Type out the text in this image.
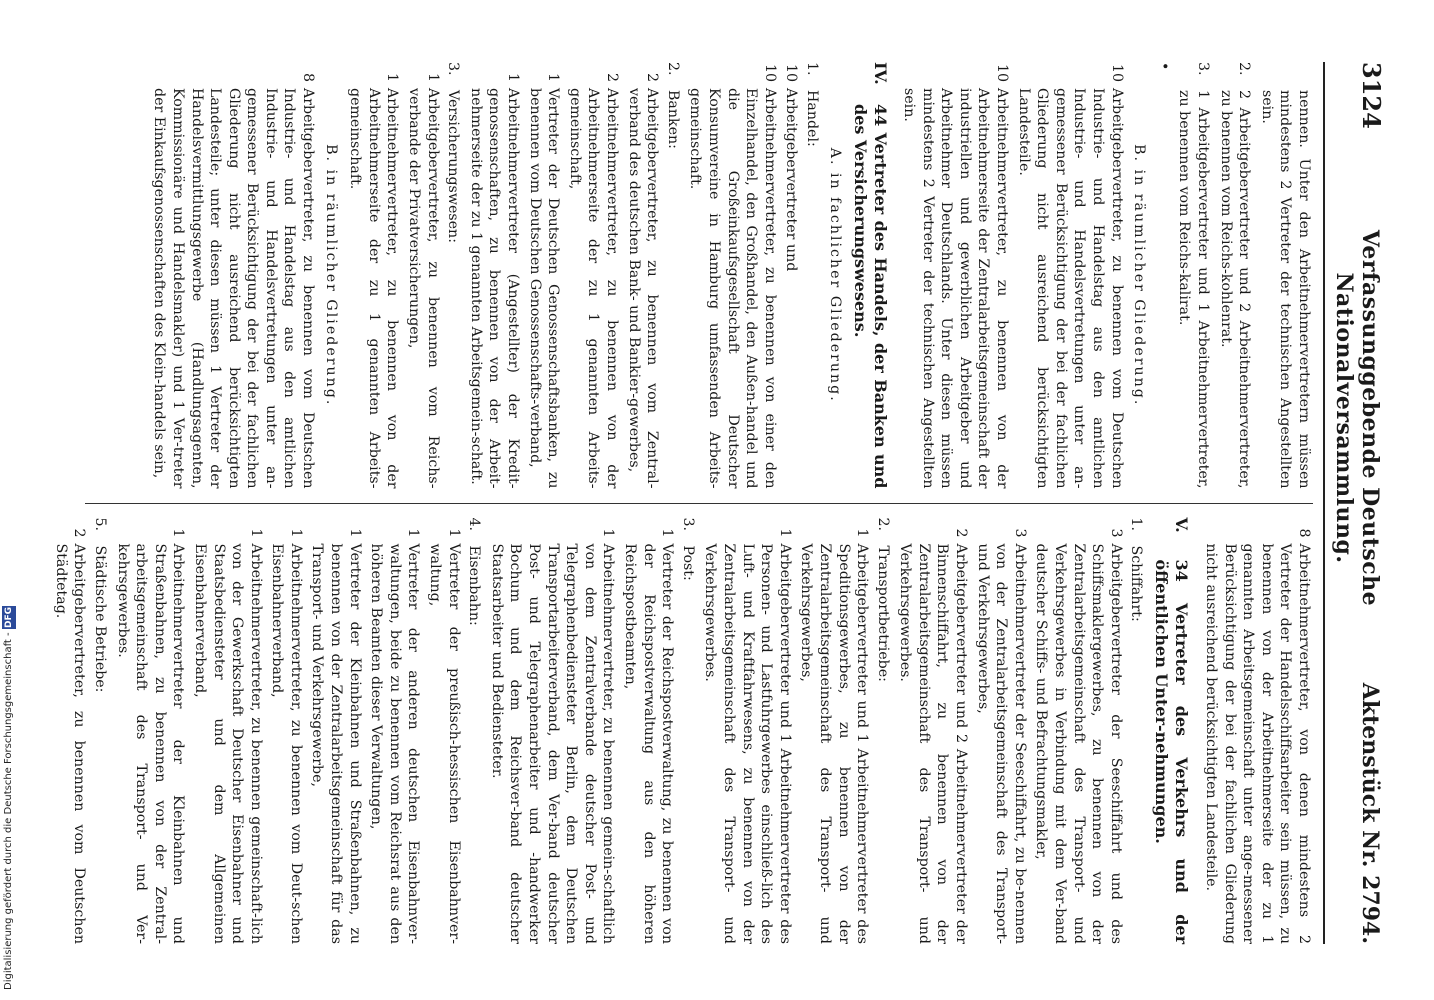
3124
Verfassunggebende Deutsche Nationalversammlung.
Aktenstück Nr. 2794.

nennen. Unter den Arbeitnehmervertretern müssen mindestens 2 Vertreter der technischen Angestellten sein.

2.
2 Arbeitgebervertreter und 2 Arbeitnehmervertreter, zu benennen vom Reichs-kohlenrat.
3.
1 Arbeitgebervertreter und 1 Arbeitnehmervertreter, zu benennen vom Reichs-kalirat.
•
B. in räumlicher Gliederung.
10
Arbeitgebervertreter, zu benennen vom Deutschen Industrie- und Handelstag aus den amtlichen Industrie- und Handelsvertretungen unter an-gemessener Berücksichtigung der bei der fachlichen Gliederung nicht ausreichend berücksichtigten Landesteile.
10
Arbeitnehmervertreter, zu benennen von der Arbeitnehmerseite der Zentralarbeitsgemeinschaft der industriellen und gewerblichen Arbeitgeber und Arbeitnehmer Deutschlands. Unter diesen müssen mindestens 2 Vertreter der technischen Angestellten sein.
IV.
44 Vertreter des Handels, der Banken und des Versicherungswesens.
A. in fachlicher Gliederung.
1.
Handel:
10
Arbeitgebervertreter und
10
Arbeitnehmervertreter, zu benennen von einer den Einzelhandel, den Großhandel, den Außen-handel und die Großeinkaufsgesellschaft Deutscher Konsumvereine in Hamburg umfassenden Arbeits-gemeinschaft.
2.
Banken:
2
Arbeitgebervertreter, zu benennen vom Zentral-verband des deutschen Bank- und Bankier-gewerbes,
2
Arbeitnehmervertreter, zu benennen von der Arbeitnehmerseite der zu 1 genannten Arbeits-gemeinschaft,
1
Vertreter der Deutschen Genossenschaftsbanken, zu benennen vom Deutschen Genossenschafts-verband,
1
Arbeitnehmervertreter (Angestellter) der Kredit-genossenschaften, zu benennen von der Arbeit-nehmerseite der zu 1 genannten Arbeitsgemein-schaft.
3.
Versicherungswesen:
1
Arbeitgebervertreter, zu benennen vom Reichs-verbande der Privatversicherungen,
1
Arbeitnehmervertreter, zu benennen von der Arbeitnehmerseite der zu 1 genannten Arbeits-gemeinschaft.
B. in räumlicher Gliederung.
8
Arbeitgebervertreter, zu benennen vom Deutschen Industrie- und Handelstag aus den amtlichen Industrie- und Handelsvertretungen unter an-gemessener Berücksichtigung der bei der fachlichen Gliederung nicht ausreichend berücksichtigten Landesteile; unter diesen müssen 1 Vertreter der Handelsvermittlungsgewerbe (Handlungsagenten, Kommissionäre und Handelsmakler) und 1 Ver-treter der Einkaufsgenossenschaften des Klein-handels sein,
8
Arbeitnehmervertreter, von denen mindestens 2 Vertreter der Handelsschiffsarbeiter sein müssen, zu benennen von der Arbeitnehmerseite der zu 1 genannten Arbeitsgemeinschaft unter ange-messener Berücksichtigung der bei der fachlichen Gliederung nicht ausreichend berücksichtigten Landesteile.
V.
34 Vertreter des Verkehrs und der öffentlichen Unter-nehmungen.
1.
Schiffahrt:
3
Arbeitgebervertreter der Seeschiffahrt und des Schiffsmaklergewerbes, zu benennen von der Zentralarbeitsgemeinschaft des Transport- und Verkehrsgewerbes in Verbindung mit dem Ver-band deutscher Schiffs- und Befrachtungsmakler,
3
Arbeitnehmervertreter der Seeschiffahrt, zu be-nennen von der Zentralarbeitsgemeinschaft des Transport- und Verkehrsgewerbes,
2
Arbeitgebervertreter und 2 Arbeitnehmervertreter der Binnenschiffahrt, zu benennen von der Zentralarbeitsgemeinschaft des Transport- und Verkehrsgewerbes.
2.
Transportbetriebe:
1
Arbeitgebervertreter und 1 Arbeitnehmervertreter des Speditionsgewerbes, zu benennen von der Zentralarbeitsgemeinschaft des Transport- und Verkehrsgewerbes,
1
Arbeitgebervertreter und 1 Arbeitnehmervertreter des Personen- und Lastfuhrgewerbes einschließ-lich des Luft- und Kraftfahrwesens, zu benennen von der Zentralarbeitsgemeinschaft des Transport- und Verkehrsgewerbes.
3.
Post:
1
Vertreter der Reichspostverwaltung, zu benennen von der Reichspostverwaltung aus den höheren Reichspostbeamten,
1
Arbeitnehmervertreter, zu benennen gemein-schaftlich von dem Zentralverbande deutscher Post- und Telegraphenbediensteter Berlin, dem Deutschen Transportarbeiterverband, dem Ver-band deutscher Post- und Telegraphenarbeiter und -handwerker Bochum und dem Reichsver-band deutscher Staatsarbeiter und Bediensteter.
4.
Eisenbahn:
1
Vertreter der preußisch-hessischen Eisenbahnver-waltung,
1
Vertreter der anderen deutschen Eisenbahnver-waltungen, beide zu benennen vom Reichsrat aus den höheren Beamten dieser Verwaltungen,
1
Vertreter der Kleinbahnen und Straßenbahnen, zu benennen von der Zentralarbeitsgemeinschaft für das Transport- und Verkehrsgewerbe,
1
Arbeitnehmervertreter, zu benennen vom Deut-schen Eisenbahnerverband,
1
Arbeitnehmervertreter, zu benennen gemeinschaft-lich von der Gewerkschaft Deutscher Eisenbahner und Staatsbediensteter und dem Allgemeinen Eisenbahnerverband,
1
Arbeitnehmervertreter der Kleinbahnen und Straßenbahnen, zu benennen von der Zentral-arbeitsgemeinschaft des Transport- und Ver-kehrsgewerbes.
5.
Städtische Betriebe:
2
Arbeitgebervertreter, zu benennen vom Deutschen Städtetag.
Digitalisierung gefördert durch die Deutsche Forschungsgemeinschaft - DFG
